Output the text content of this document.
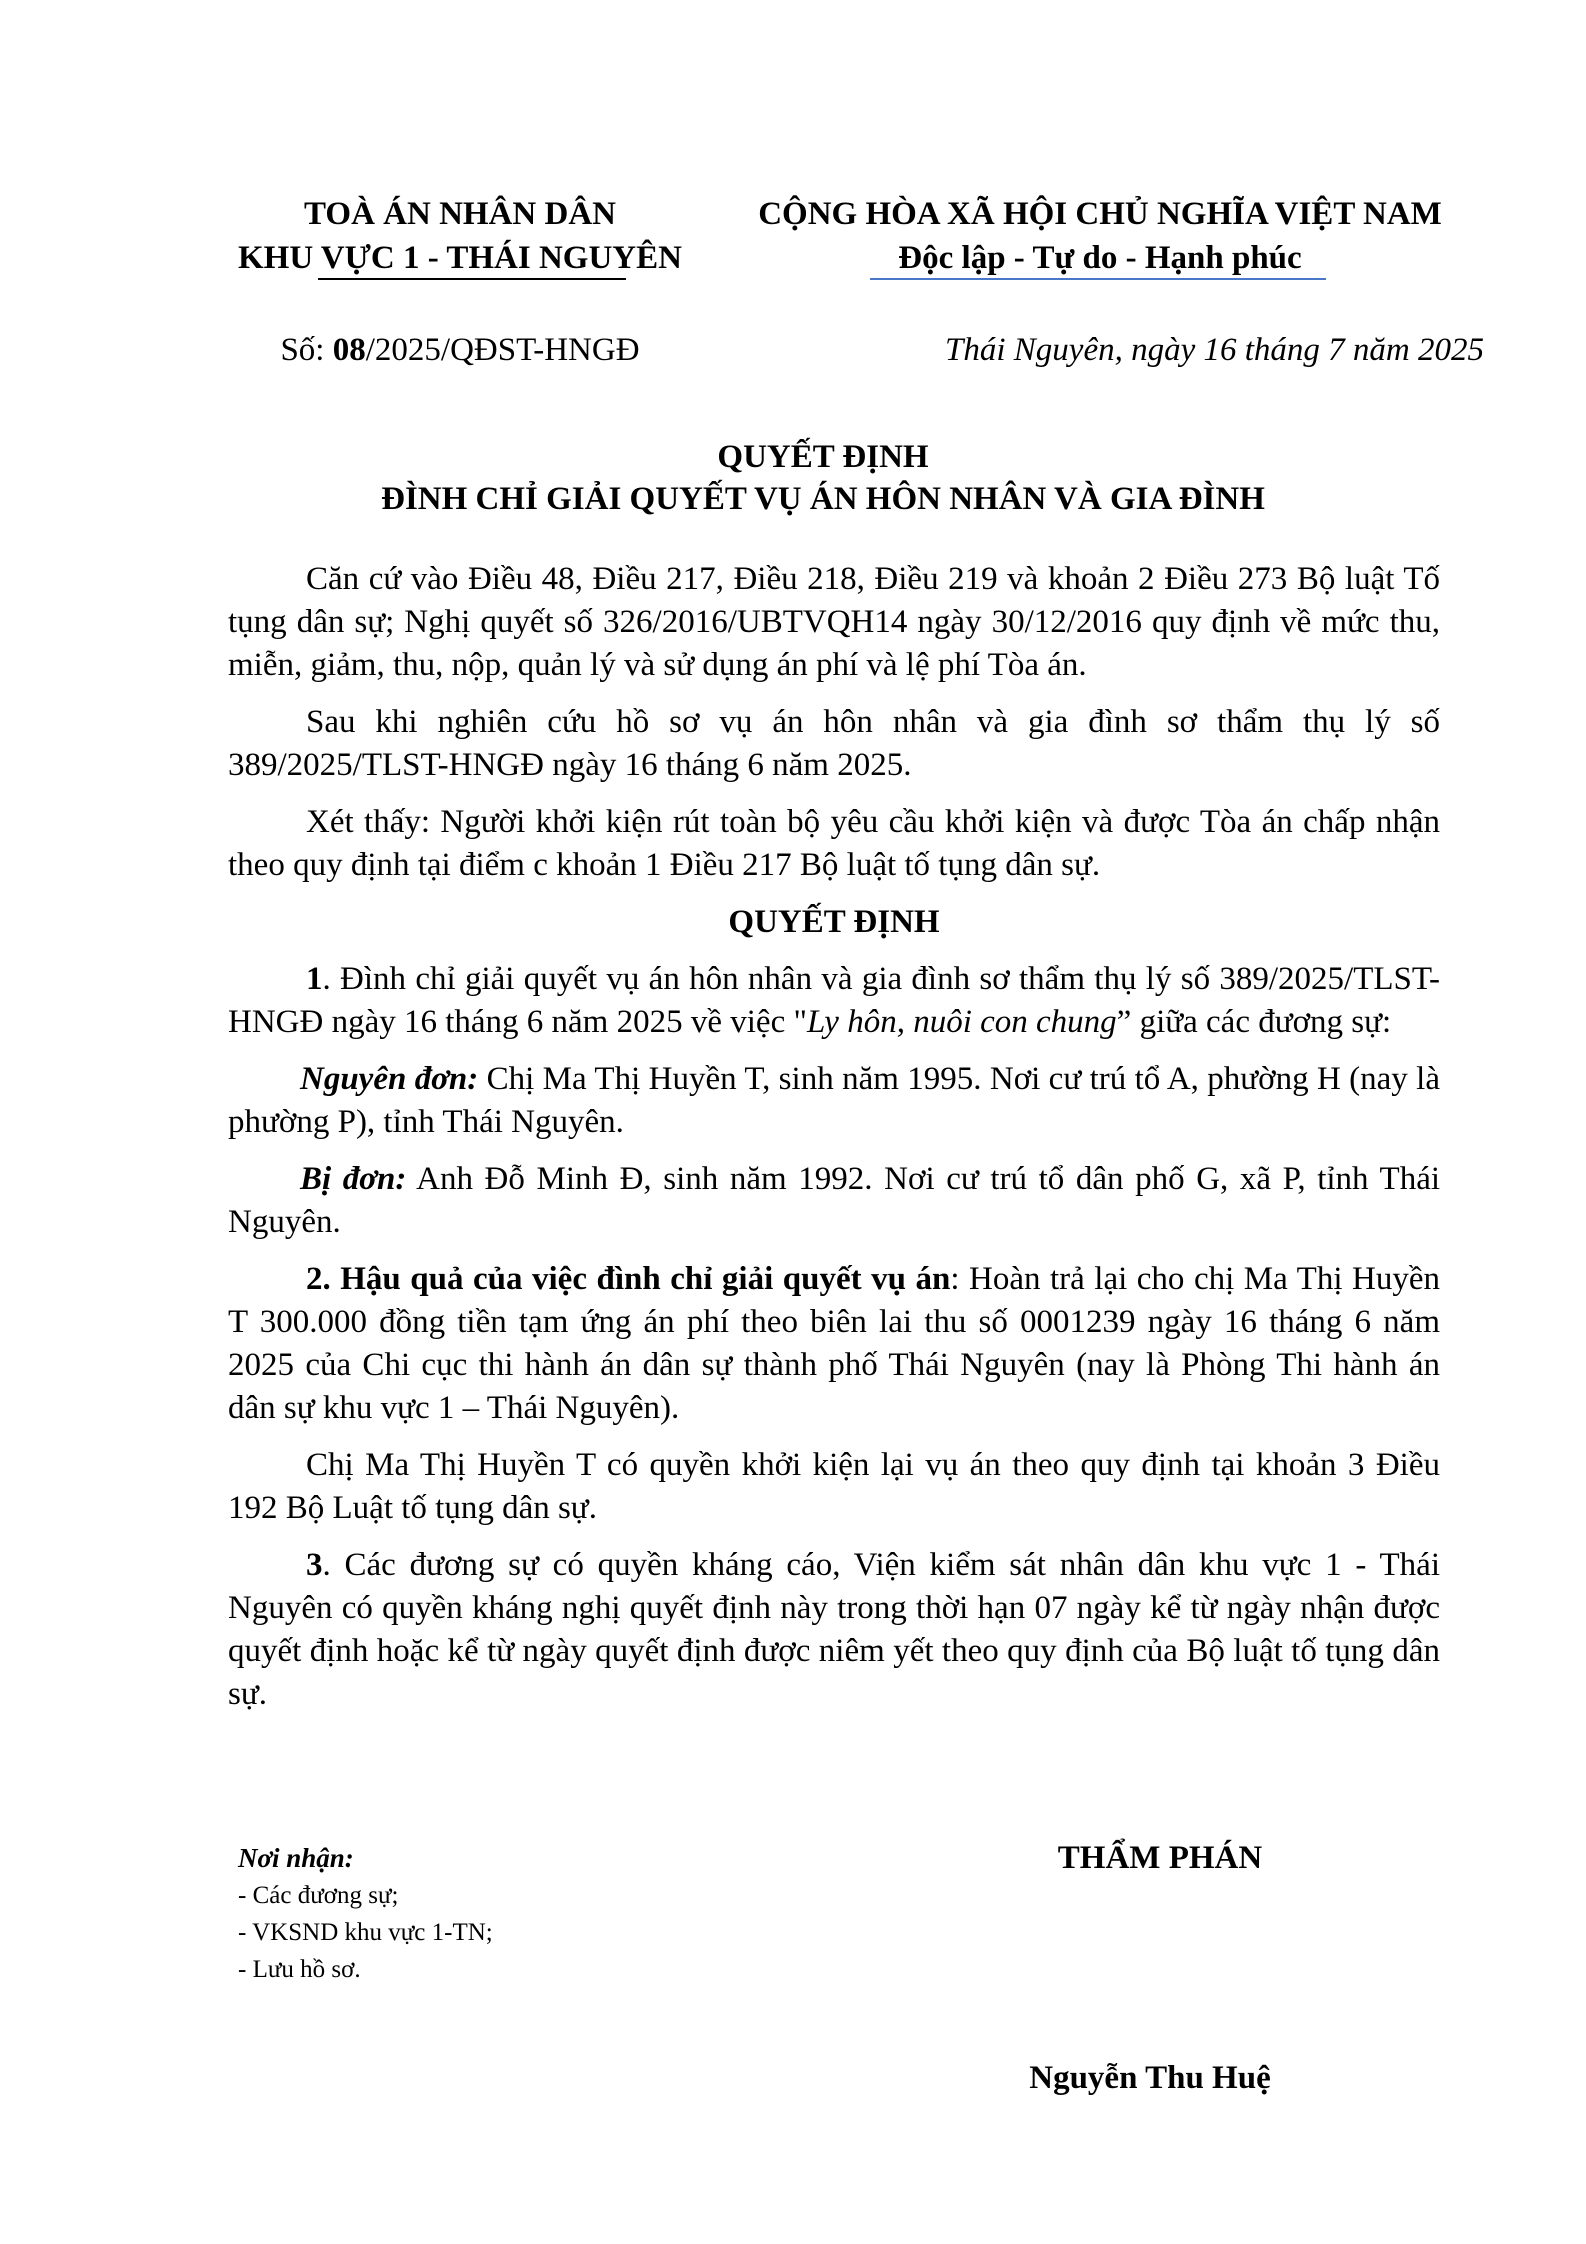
TOÀ ÁN NHÂN DÂN
KHU VỰC 1 - THÁI NGUYÊN
CỘNG HÒA XÃ HỘI CHỦ NGHĨA VIỆT NAM
Độc lập - Tự do - Hạnh phúc
Số: 08/2025/QĐST-HNGĐ	Thái Nguyên, ngày 16 tháng 7 năm 2025
QUYẾT ĐỊNH
ĐÌNH CHỈ GIẢI QUYẾT VỤ ÁN HÔN NHÂN VÀ GIA ĐÌNH

Căn cứ vào Điều 48, Điều 217, Điều 218, Điều 219 và khoản 2 Điều 273 Bộ luật Tố tụng dân sự; Nghị quyết số 326/2016/UBTVQH14 ngày 30/12/2016 quy định về mức thu, miễn, giảm, thu, nộp, quản lý và sử dụng án phí và lệ phí Tòa án.

Sau khi nghiên cứu hồ sơ vụ án hôn nhân và gia đình sơ thẩm thụ lý số 389/2025/TLST-HNGĐ ngày 16 tháng 6 năm 2025.

Xét thấy: Người khởi kiện rút toàn bộ yêu cầu khởi kiện và được Tòa án chấp nhận theo quy định tại điểm c khoản 1 Điều 217 Bộ luật tố tụng dân sự.

QUYẾT ĐỊNH

1. Đình chỉ giải quyết vụ án hôn nhân và gia đình sơ thẩm thụ lý số 389/2025/TLST-HNGĐ ngày 16 tháng 6 năm 2025 về việc "Ly hôn, nuôi con chung” giữa các đương sự:

Nguyên đơn: Chị Ma Thị Huyền T, sinh năm 1995. Nơi cư trú tổ A, phường H (nay là phường P), tỉnh Thái Nguyên.

Bị đơn: Anh Đỗ Minh Đ, sinh năm 1992. Nơi cư trú tổ dân phố G, xã P, tỉnh Thái Nguyên.

2. Hậu quả của việc đình chỉ giải quyết vụ án: Hoàn trả lại cho chị Ma Thị Huyền T 300.000 đồng tiền tạm ứng án phí theo biên lai thu số 0001239 ngày 16 tháng 6 năm 2025 của Chi cục thi hành án dân sự thành phố Thái Nguyên (nay là Phòng Thi hành án dân sự khu vực 1 – Thái Nguyên).

Chị Ma Thị Huyền T có quyền khởi kiện lại vụ án theo quy định tại khoản 3 Điều 192 Bộ Luật tố tụng dân sự.

3. Các đương sự có quyền kháng cáo, Viện kiểm sát nhân dân khu vực 1 - Thái Nguyên có quyền kháng nghị quyết định này trong thời hạn 07 ngày kể từ ngày nhận được quyết định hoặc kể từ ngày quyết định được niêm yết theo quy định của Bộ luật tố tụng dân sự.

Nơi nhận:
- Các đương sự;
- VKSND khu vực 1-TN;
- Lưu hồ sơ.
THẨM PHÁN
Nguyễn Thu Huệ
